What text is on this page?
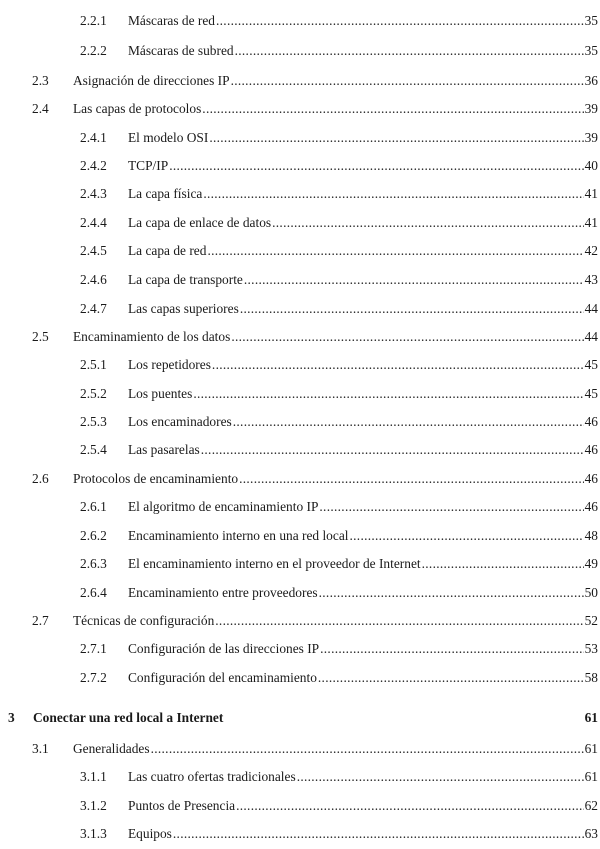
2.2.1 Máscaras de red .....	35
2.2.2 Máscaras de subred .....	35
2.3 Asignación de direcciones IP .....	36
2.4 Las capas de protocolos .....	39
2.4.1 El modelo OSI .....	39
2.4.2 TCP/IP .....	40
2.4.3 La capa física .....	41
2.4.4 La capa de enlace de datos .....	41
2.4.5 La capa de red .....	42
2.4.6 La capa de transporte .....	43
2.4.7 Las capas superiores .....	44
2.5 Encaminamiento de los datos .....	44
2.5.1 Los repetidores .....	45
2.5.2 Los puentes .....	45
2.5.3 Los encaminadores .....	46
2.5.4 Las pasarelas .....	46
2.6 Protocolos de encaminamiento .....	46
2.6.1 El algoritmo de encaminamiento IP .....	46
2.6.2 Encaminamiento interno en una red local .....	48
2.6.3 El encaminamiento interno en el proveedor de Internet .....	49
2.6.4 Encaminamiento entre proveedores .....	50
2.7 Técnicas de configuración .....	52
2.7.1 Configuración de las direcciones IP .....	53
2.7.2 Configuración del encaminamiento .....	58
3 Conectar una red local a Internet	61
3.1 Generalidades .....	61
3.1.1 Las cuatro ofertas tradicionales .....	61
3.1.2 Puntos de Presencia .....	62
3.1.3 Equipos .....	63
